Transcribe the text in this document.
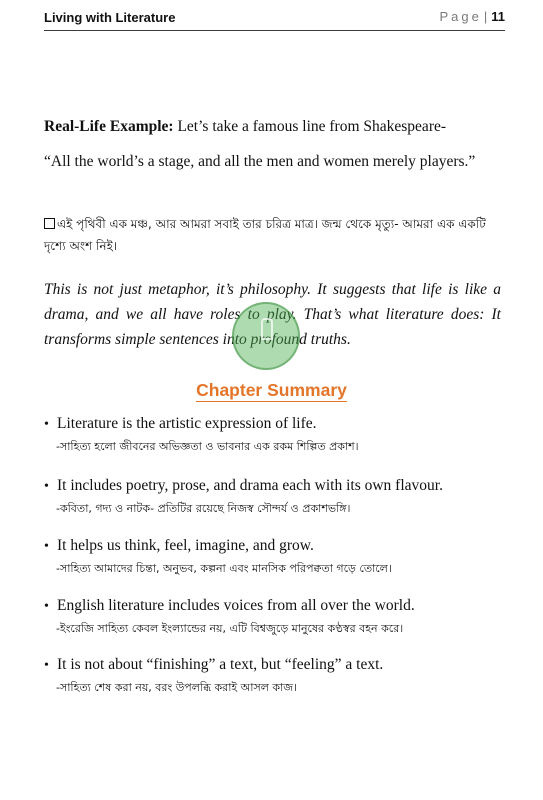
Living with Literature	Page | 11
Real-Life Example: Let’s take a famous line from Shakespeare-
“All the world’s a stage, and all the men and women merely players.”
এই পৃথিবী এক মঞ্চ, আর আমরা সবাই তার চরিত্র মাত্র। জন্ম থেকে মৃত্যু- আমরা এক একটি দৃশ্যে অংশ নিই।
This is not just metaphor, it’s philosophy. It suggests that life is like a drama, and we all have roles to play. That’s what literature does: It transforms simple sentences into profound truths.
Chapter Summary
• Literature is the artistic expression of life.
-সাহিত্য হলো জীবনের অভিজ্ঞতা ও ভাবনার এক রকম শিল্পিত প্রকাশ।
• It includes poetry, prose, and drama each with its own flavour.
-কবিতা, গদ্য ও নাটক- প্রতিটির রয়েছে নিজস্ব সৌন্দর্য ও প্রকাশভঙ্গি।
• It helps us think, feel, imagine, and grow.
-সাহিত্য আমাদের চিন্তা, অনুভব, কল্পনা এবং মানসিক পরিপক্বতা গড়ে তোলে।
• English literature includes voices from all over the world.
-ইংরেজি সাহিত্য কেবল ইংল্যান্ডের নয়, এটি বিশ্বজুড়ে মানুষের কণ্ঠস্বর বহন করে।
• It is not about “finishing” a text, but “feeling” a text.
-সাহিত্য শেষ করা নয়, বরং উপলব্ধি করাই আসল কাজ।
